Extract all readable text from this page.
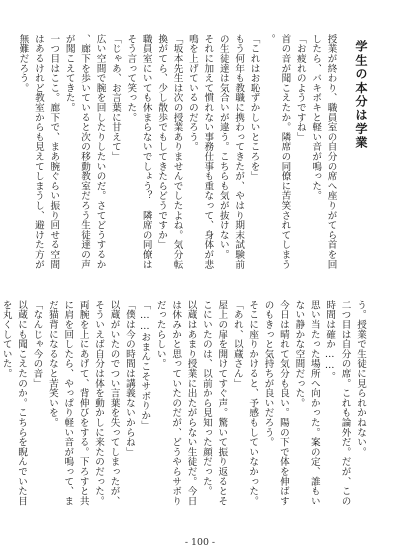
学生の本分は学業

授業が終わり、職員室の自分の席へ座りがてら首を回したら、バキボキと軽い音が鳴った。

「お疲れのようですね」

首の音が聞こえたか。隣席の同僚に苦笑されてしまう。

「これはお恥ずかしいところを」

もう何年も教職に携わってきたが、やはり期末試験前の生徒達は気合いが違う。こちらも気が抜けない。

それに加えて慣れない事務仕事も重なって、身体が悲鳴を上げているのだろう。

「坂本先生は次の授業ありませんでしたよね。気分転換がてら、少し散歩でもしてきたらどうですか」

職員室にいても休まらないでしょう？　隣席の同僚はそう言って笑った。

「じゃあ、お言葉に甘えて」

広い空間で腕を回したりしたいのだ。さてどうするか、廊下を歩いていると次の移動教室だろう生徒達の声が聞こえてきた。

一つ目はここ。廊下で、まあ腕ぐらい振り回せる空間はあるけれど教室からも見えてしまうし、避けた方が無難だろう。

う。授業で生徒に見られかねない。

二つ目は自分の席。これも論外だ。だが、この時間は確か……。

思い当たった場所へ向かった。案の定、誰もいない静かな空間だった。

今日は晴れて気分も良い。陽の下で体を伸ばすのもきっと気持ちが良いだろう。

そこに座りかけると、予感もしていなかった。

「あれ、以蔵さん」

屋上の扉を開けてすぐ声。驚いて振り返るとそこにいたのは、以前から見知った顔だった。

以蔵はあまり授業に出たがらない生徒だ。今日は休みかと思っていたのだが、どうやらサボりだったらしい。

「……おまんこそサボりか」

「僕は今の時間は講義ないからね」

以蔵がいたのでつい言葉を失ってしまったが、そういえば自分は体を動かしに来たのだった。

両腕を上にあげて、背伸びをする。下ろすと共に肩を回したら、やっぱり軽い音が鳴って、まだ猫背になるなと苦笑いを。

「なんじゃ今の音」

以蔵にも聞こえたのか。こちらを睨んでいた目を丸くしていた。

- 100 -
